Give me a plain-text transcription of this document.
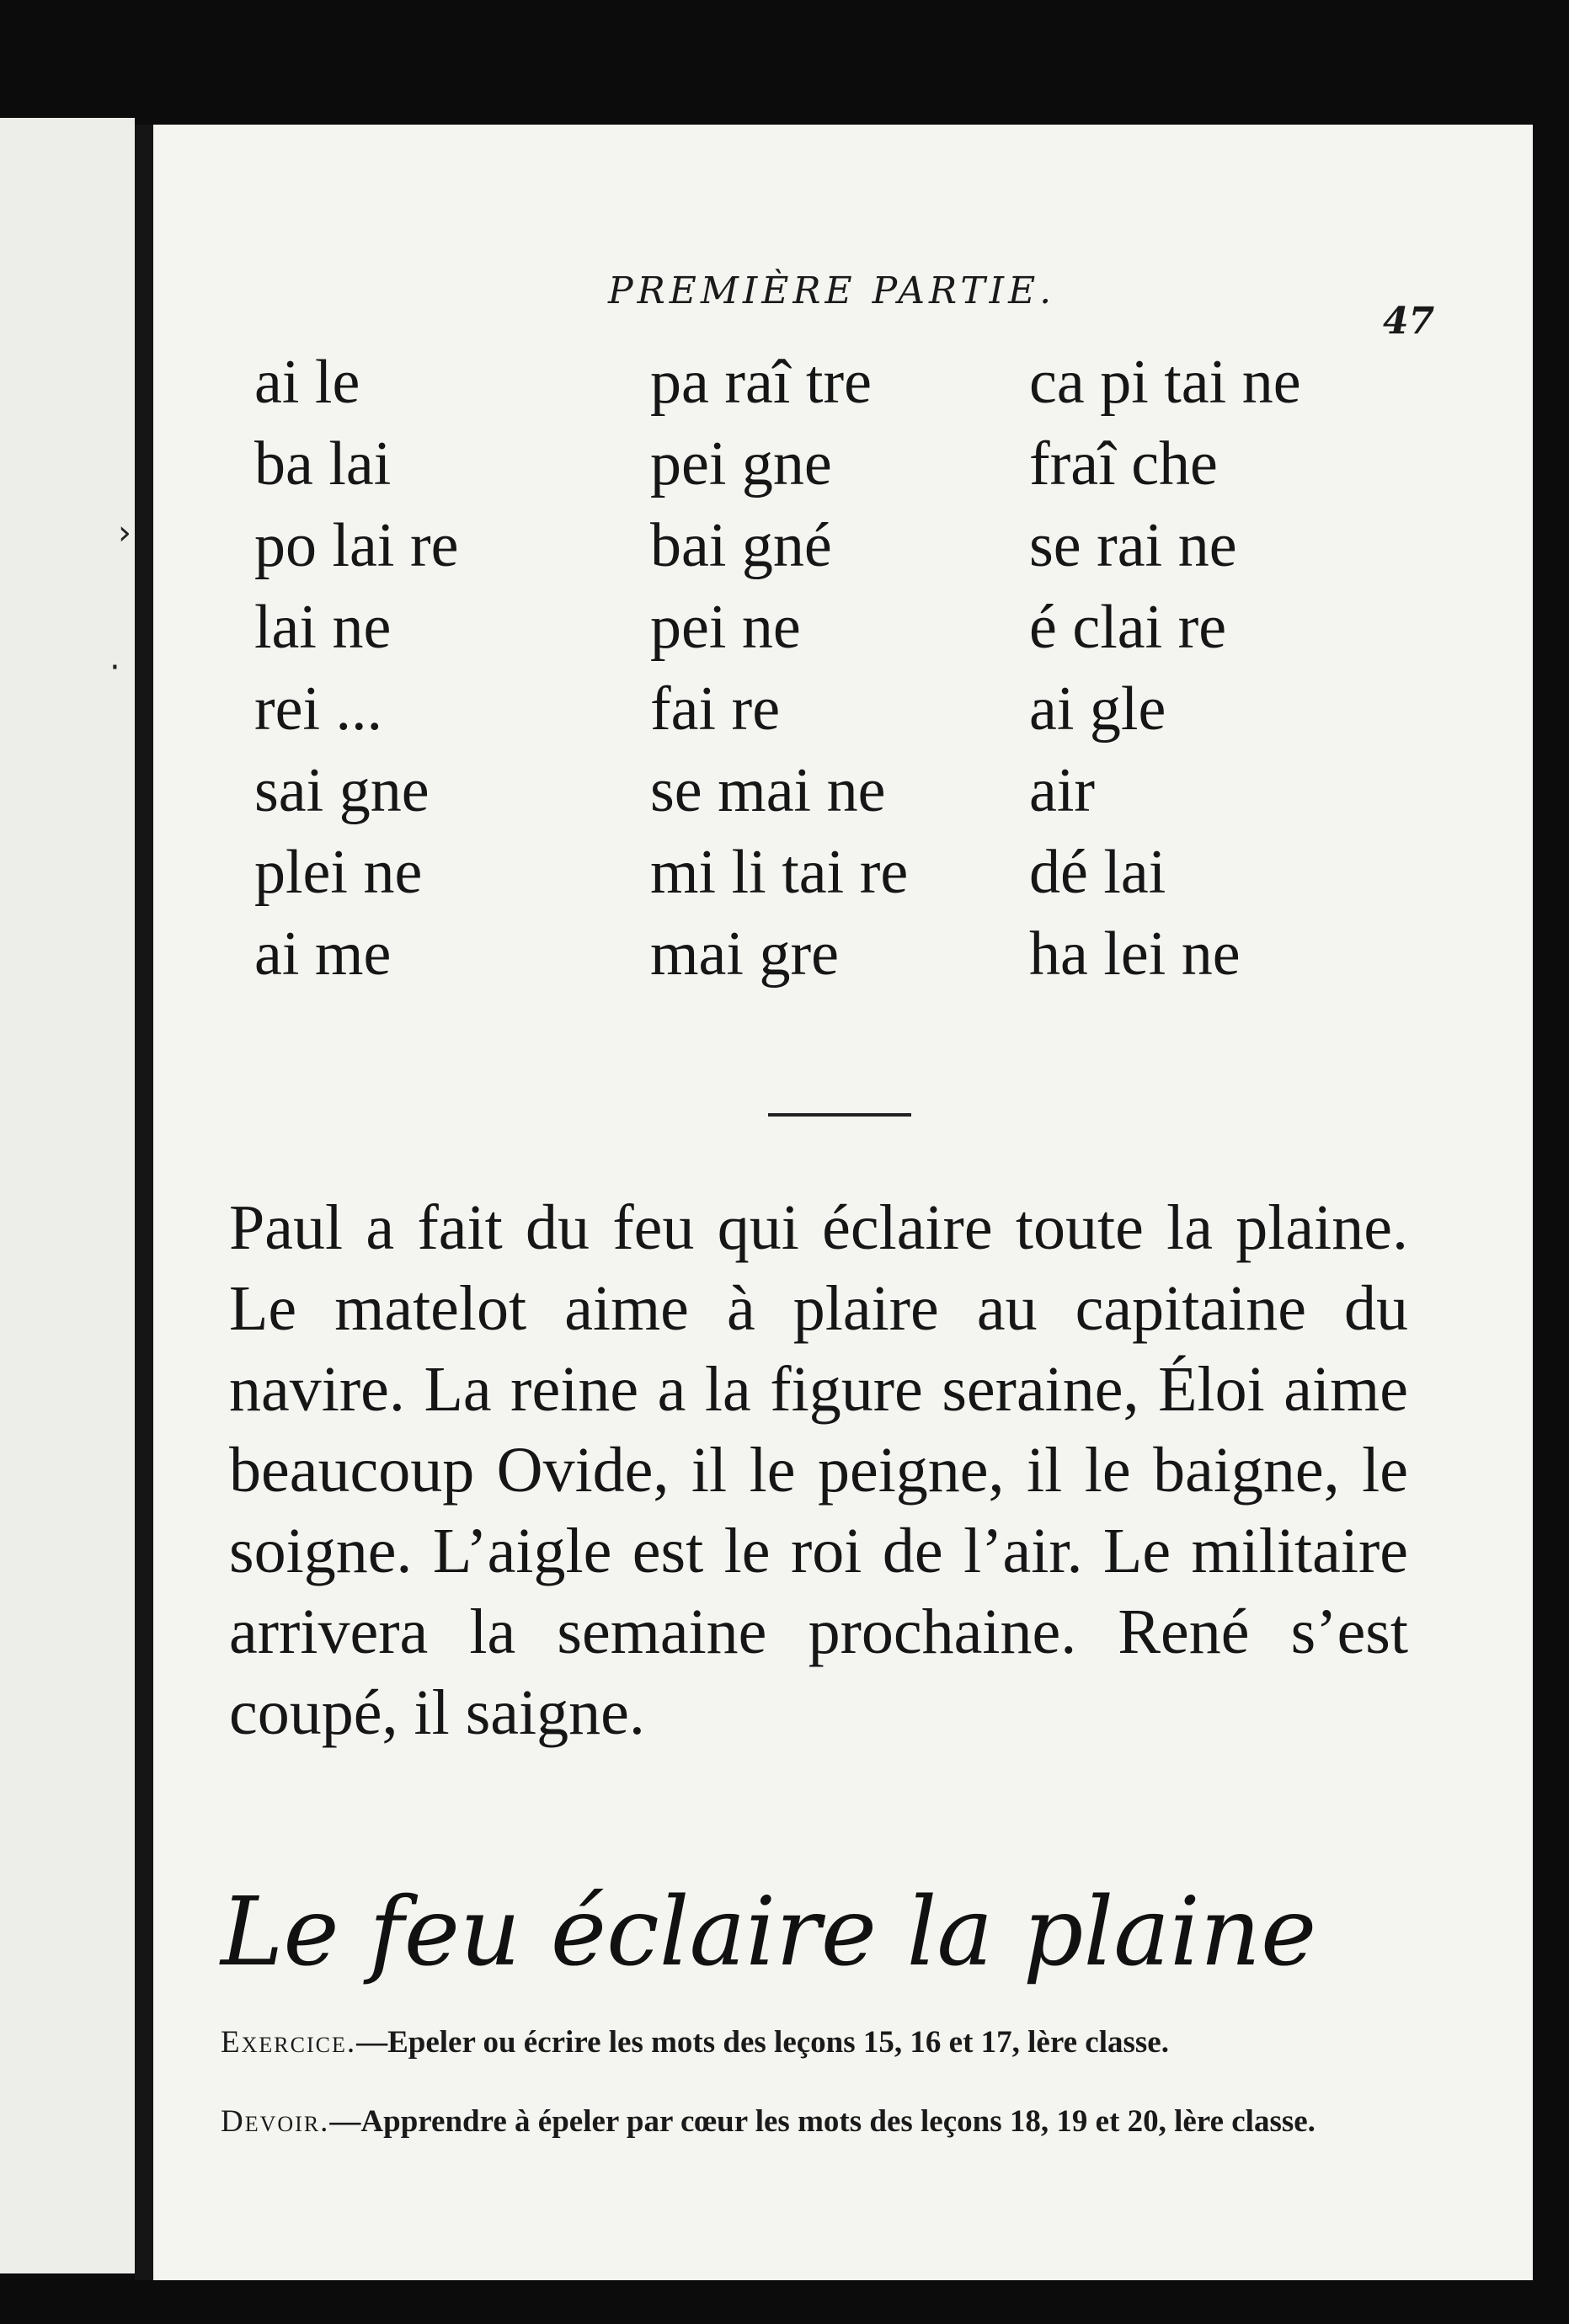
›
·
PREMIÈRE PARTIE.
47
ai le
ba lai
po lai re
lai ne
rei ...
sai gne
plei ne
ai me
pa raî tre
pei gne
bai gné
pei ne
fai re
se mai ne
mi li tai re
mai gre
ca pi tai ne
fraî che
se rai ne
é clai re
ai gle
air
dé lai
ha lei ne
Paul a fait du feu qui éclaire toute la plaine. Le matelot aime à plaire au capitaine du navire. La reine a la figure seraine, Éloi aime beaucoup Ovide, il le peigne, il le baigne, le soigne. L’aigle est le roi de l’air. Le militaire arrivera la semaine prochaine. René s’est coupé, il saigne.
Le feu éclaire la plaine
Exercice.—Epeler ou écrire les mots des leçons 15, 16 et 17, lère classe.
Devoir.—Apprendre à épeler par cœur les mots des leçons 18, 19 et 20, lère classe.
